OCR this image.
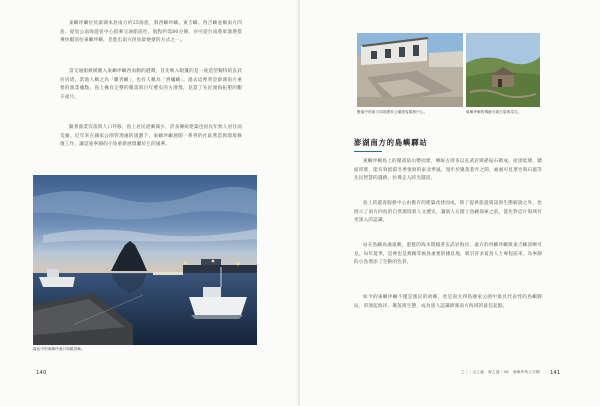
東嶼坪嶼位於澎湖本島南方約25海浬，與西嶼坪嶼、東吉嶼、西吉嶼並稱南方四島。從馬公南海遊客中心搭乘交通船前往，航程約需80分鐘，亦可從台南將軍漁港搭乘快艇前往東嶼坪嶼，是進出南方四島最便捷的方式之一。

當交通船緩緩駛入東嶼坪嶼西南側的港灣，首先映入眼簾的是一座造型獨特的玄武岩岩塔，當地人稱之為「雞善嶼」，也有人稱為「香爐嶼」。過去這裡曾是澎湖南方重要的漁業據點，島上擁有完整的聚落與百年歷史的古厝群，見證了先民渡海拓墾的艱辛歲月。

隨著漁業沒落與人口外移，島上居民逐漸減少，許多傳統建築也因長年無人居住而荒廢。近年來在國家公園管理處的規劃下，東嶼坪嶼展開一系列的社區營造與環境修復工作，讓這座寧靜的小島重新展現屬於它的風華。

暮色中的東嶼坪港口與雞善嶼。

140

聚落中的南方四島國家公園遊客服務中心。	東嶼坪嶼的傳統石砌古厝與菜宅。

澎湖南方的島嶼驛站

東嶼坪嶼島上的聚落依山勢而建，傳統古厝多以玄武岩與硓𥑮石砌成，屋頂低矮、牆面厚實，能有效抵擋冬季強勁的東北季風。漫步於聚落巷弄之間，處處可見菜宅與石滬等先民智慧的遺跡，彷彿走入時光隧道。

島上的遊客服務中心由舊有的建築改建而成，除了提供旅遊資訊與生態解說之外，也展示了南方四島的自然環境與人文歷史，讓旅人在踏上島嶼探索之前，能先對這片海域有更深入的認識。

站在島嶼高處遠眺，湛藍的海水環繞著玄武岩海岸，遠方的西嶼坪嶼與東吉嶼清晰可見。每年夏季，這裡也是燕鷗等候鳥重要的棲息地，吸引許多賞鳥人士專程前來，為寧靜的小島增添了生動的色彩。

如今的東嶼坪嶼不僅是漁民的故鄉，更是南方四島國家公園中最具代表性的島嶼驛站，串連起海洋、聚落與生態，成為旅人認識澎湖南方海域的最佳起點。

之二｜山之瀑．海之渡｜08　東嶼坪與公字帽 141
